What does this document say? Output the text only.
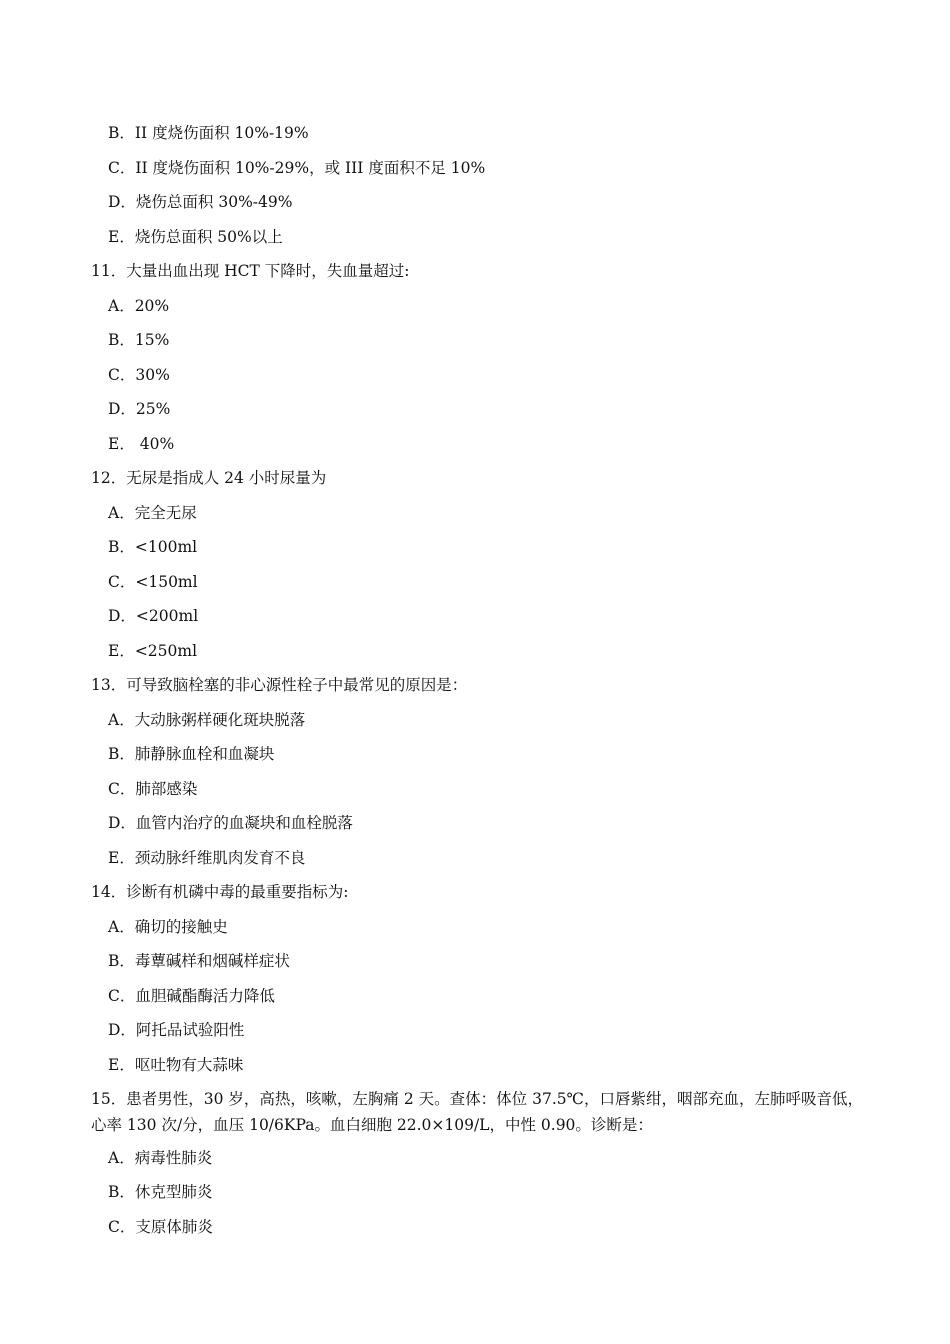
B．II 度烧伤面积 10%-19%
C．II 度烧伤面积 10%-29%，或 III 度面积不足 10%
D．烧伤总面积 30%-49%
E．烧伤总面积 50%以上
11．大量出血出现 HCT 下降时，失血量超过:
A．20%
B．15%
C．30%
D．25%
E． 40%
12．无尿是指成人 24 小时尿量为
A．完全无尿
B．<100ml
C．<150ml
D．<200ml
E．<250ml
13．可导致脑栓塞的非心源性栓子中最常见的原因是：
A．大动脉粥样硬化斑块脱落
B．肺静脉血栓和血凝块
C．肺部感染
D．血管内治疗的血凝块和血栓脱落
E．颈动脉纤维肌肉发育不良
14．诊断有机磷中毒的最重要指标为:
A．确切的接触史
B．毒蕈碱样和烟碱样症状
C．血胆碱酯酶活力降低
D．阿托品试验阳性
E．呕吐物有大蒜味
15．患者男性，30 岁，高热，咳嗽，左胸痛 2 天。查体：体位 37.5℃，口唇紫绀，咽部充血，左肺呼吸音低，心率 130 次/分，血压 10/6KPa。血白细胞 22.0×109/L，中性 0.90。诊断是：
A．病毒性肺炎
B．休克型肺炎
C．支原体肺炎
